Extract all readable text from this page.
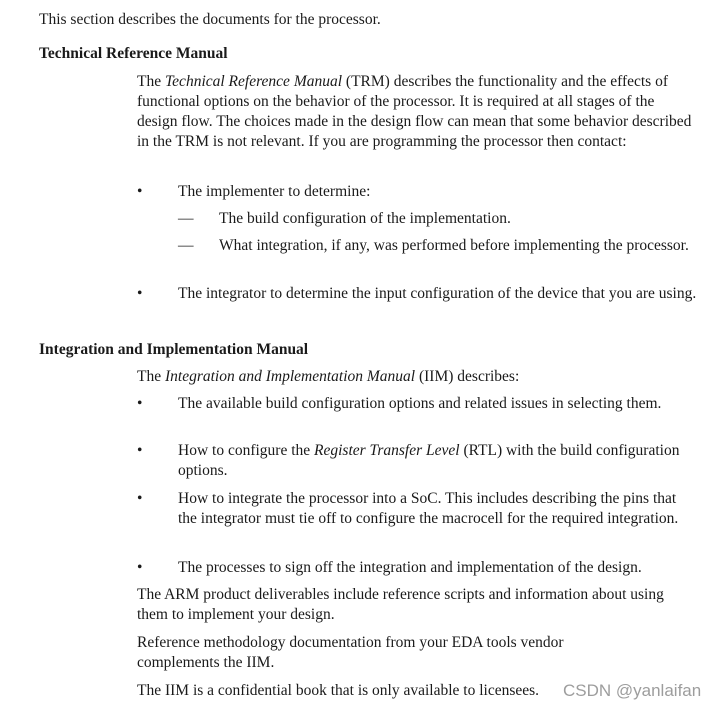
This section describes the documents for the processor.
Technical Reference Manual
The Technical Reference Manual (TRM) describes the functionality and the effects of functional options on the behavior of the processor. It is required at all stages of the design flow. The choices made in the design flow can mean that some behavior described in the TRM is not relevant. If you are programming the processor then contact:
• The implementer to determine:
— The build configuration of the implementation.
— What integration, if any, was performed before implementing the processor.
• The integrator to determine the input configuration of the device that you are using.
Integration and Implementation Manual
The Integration and Implementation Manual (IIM) describes:
• The available build configuration options and related issues in selecting them.
• How to configure the Register Transfer Level (RTL) with the build configuration options.
• How to integrate the processor into a SoC. This includes describing the pins that the integrator must tie off to configure the macrocell for the required integration.
• The processes to sign off the integration and implementation of the design.
The ARM product deliverables include reference scripts and information about using them to implement your design.
Reference methodology documentation from your EDA tools vendor complements the IIM.
The IIM is a confidential book that is only available to licensees.	CSDN @yanlaifan
